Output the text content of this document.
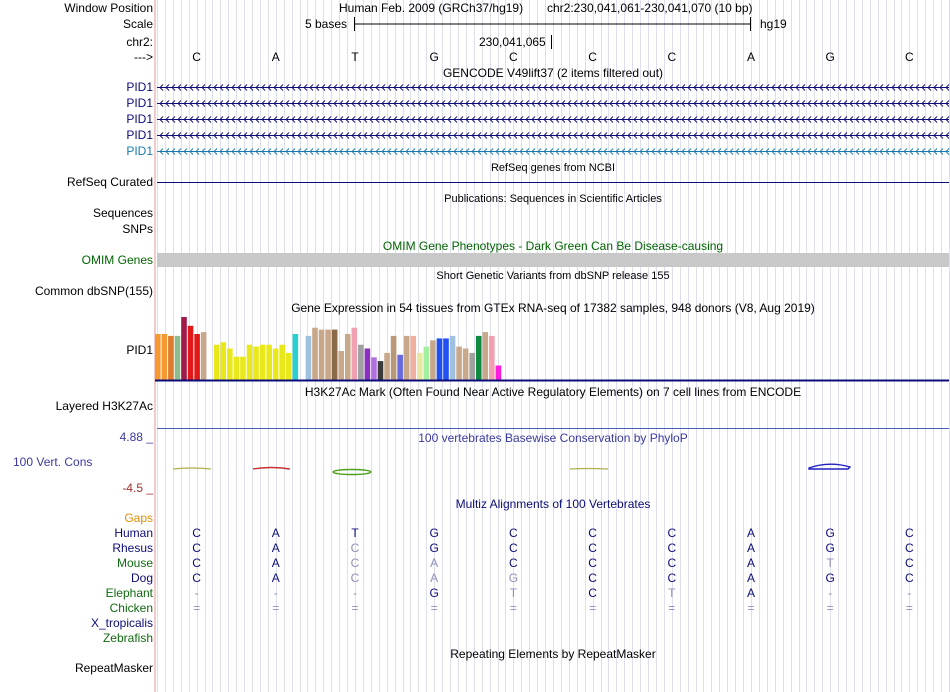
Window Position
Scale
chr2:
--->
Human Feb. 2009 (GRCh37/hg19) chr2:230,041,061-230,041,070 (10 bp)
5 bases	hg19
230,041,065
C	A	T	G	C	C	C	A	G	C
GENCODE V49lift37 (2 items filtered out)
PID1
PID1
PID1
PID1
PID1
RefSeq genes from NCBI
RefSeq Curated
Publications: Sequences in Scientific Articles
Sequences
SNPs
OMIM Gene Phenotypes - Dark Green Can Be Disease-causing
OMIM Genes
Short Genetic Variants from dbSNP release 155
Common dbSNP(155)
Gene Expression in 54 tissues from GTEx RNA-seq of 17382 samples, 948 donors (V8, Aug 2019)
PID1
H3K27Ac Mark (Often Found Near Active Regulatory Elements) on 7 cell lines from ENCODE
Layered H3K27Ac
100 vertebrates Basewise Conservation by PhyloP
4.88 _
100 Vert. Cons
-4.5 _
Multiz Alignments of 100 Vertebrates
Gaps
Human	C	A	T	G	C	C	C	A	G	C
Rhesus	C	A	C	G	C	C	C	A	G	C
Mouse	C	A	C	A	C	C	C	A	T	C
Dog	C	A	C	A	G	C	C	A	G	C
Elephant	-	-	-	G	T	C	T	A	-	-
Chicken	=	=	=	=	=	=	=	=	=	=
X_tropicalis
Zebrafish
Repeating Elements by RepeatMasker
RepeatMasker
